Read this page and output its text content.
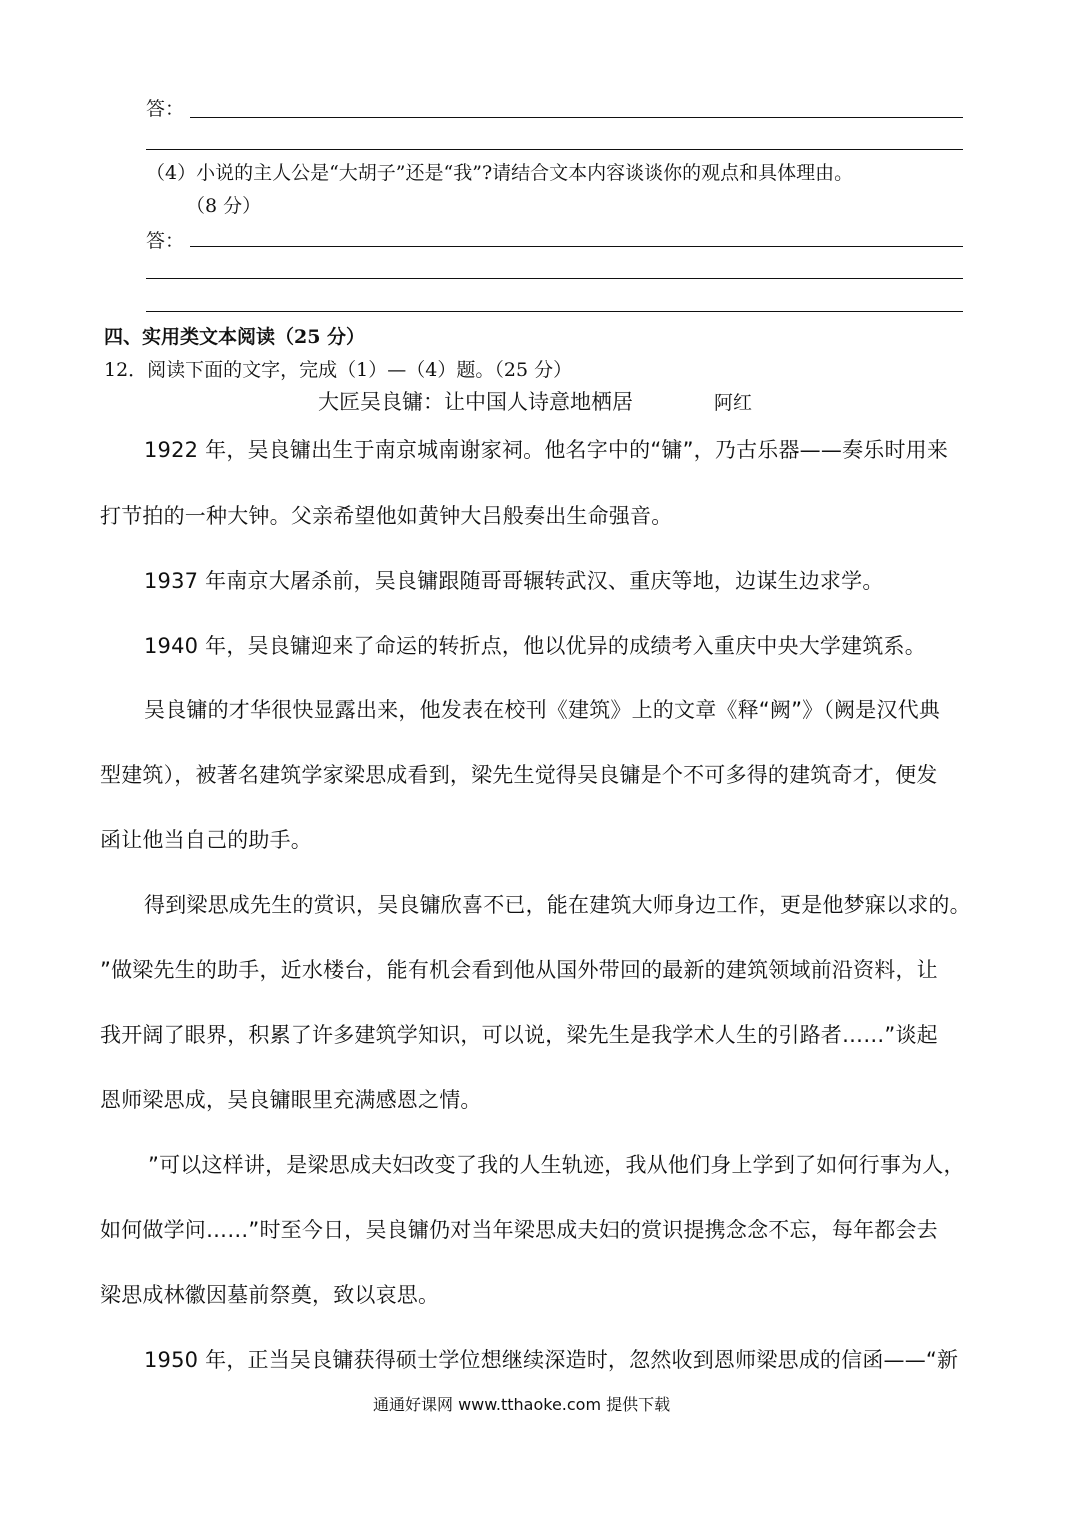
答：
（4）小说的主人公是“大胡子”还是“我”?请结合文本内容谈谈你的观点和具体理由。
（8 分）
答：
四、实用类文本阅读（25 分）
12．阅读下面的文字，完成（1）—（4）题。（25 分）
大匠吴良镛：让中国人诗意地栖居	阿红
1922 年，吴良镛出生于南京城南谢家祠。他名字中的“镛”，乃古乐器——奏乐时用来
打节拍的一种大钟。父亲希望他如黄钟大吕般奏出生命强音。
1937 年南京大屠杀前，吴良镛跟随哥哥辗转武汉、重庆等地，边谋生边求学。
1940 年，吴良镛迎来了命运的转折点，他以优异的成绩考入重庆中央大学建筑系。
吴良镛的才华很快显露出来，他发表在校刊《建筑》上的文章《释“阙”》（阙是汉代典
型建筑），被著名建筑学家梁思成看到，梁先生觉得吴良镛是个不可多得的建筑奇才，便发
函让他当自己的助手。
得到梁思成先生的赏识，吴良镛欣喜不已，能在建筑大师身边工作，更是他梦寐以求的。
”做梁先生的助手，近水楼台，能有机会看到他从国外带回的最新的建筑领域前沿资料，让
我开阔了眼界，积累了许多建筑学知识，可以说，梁先生是我学术人生的引路者……”谈起
恩师梁思成，吴良镛眼里充满感恩之情。
”可以这样讲，是梁思成夫妇改变了我的人生轨迹，我从他们身上学到了如何行事为人，
如何做学问……”时至今日，吴良镛仍对当年梁思成夫妇的赏识提携念念不忘，每年都会去
梁思成林徽因墓前祭奠，致以哀思。
1950 年，正当吴良镛获得硕士学位想继续深造时，忽然收到恩师梁思成的信函——“新
通通好课网 www.tthaoke.com 提供下载
